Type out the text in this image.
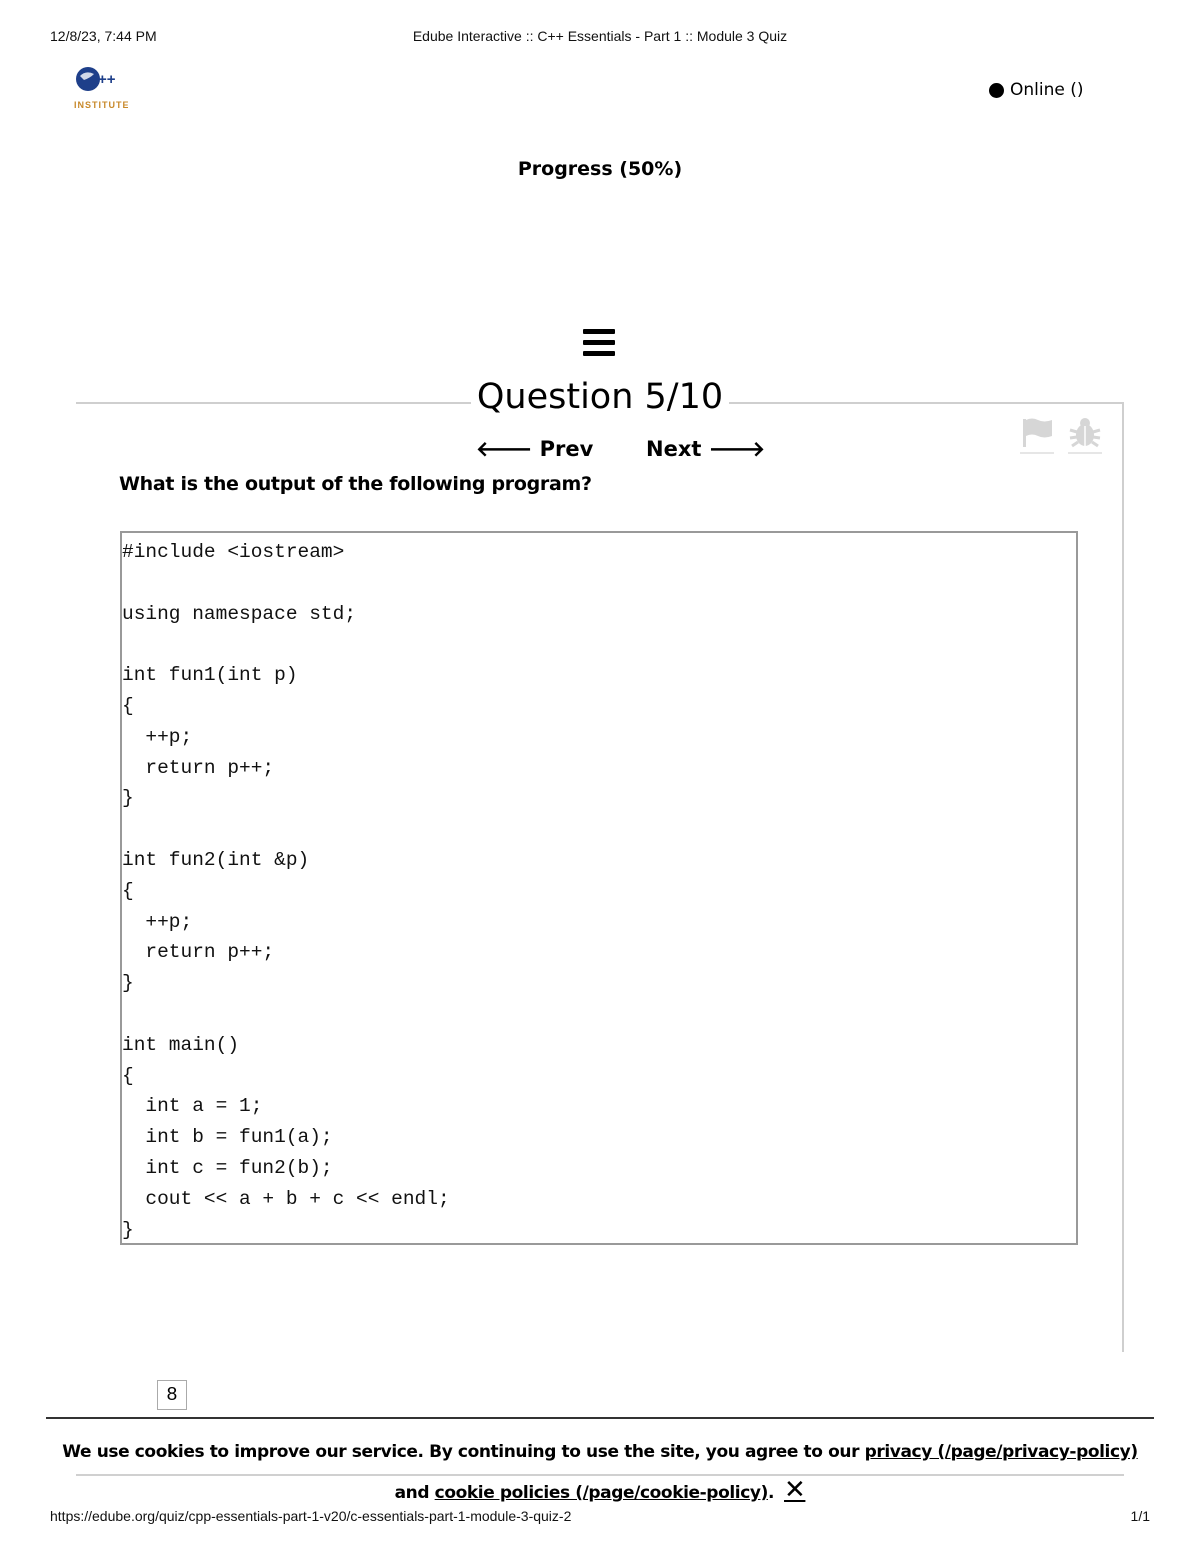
12/8/23, 7:44 PM	Edube Interactive :: C++ Essentials - Part 1 :: Module 3 Quiz
++
INSTITUTE
Online ()
Progress (50%)
Question 5/10
🡐 Prev	Next 🡒
What is the output of the following program?
#include <iostream>

using namespace std;

int fun1(int p)
{
++p;
return p++;
}

int fun2(int &p)
{
++p;
return p++;
}

int main()
{
int a = 1;
int b = fun1(a);
int c = fun2(b);
cout << a + b + c << endl;
}
8
We use cookies to improve our service. By continuing to use the site, you agree to our privacy (/page/privacy-policy) and cookie policies (/page/cookie-policy). ✕
https://edube.org/quiz/cpp-essentials-part-1-v20/c-essentials-part-1-module-3-quiz-2	1/1
